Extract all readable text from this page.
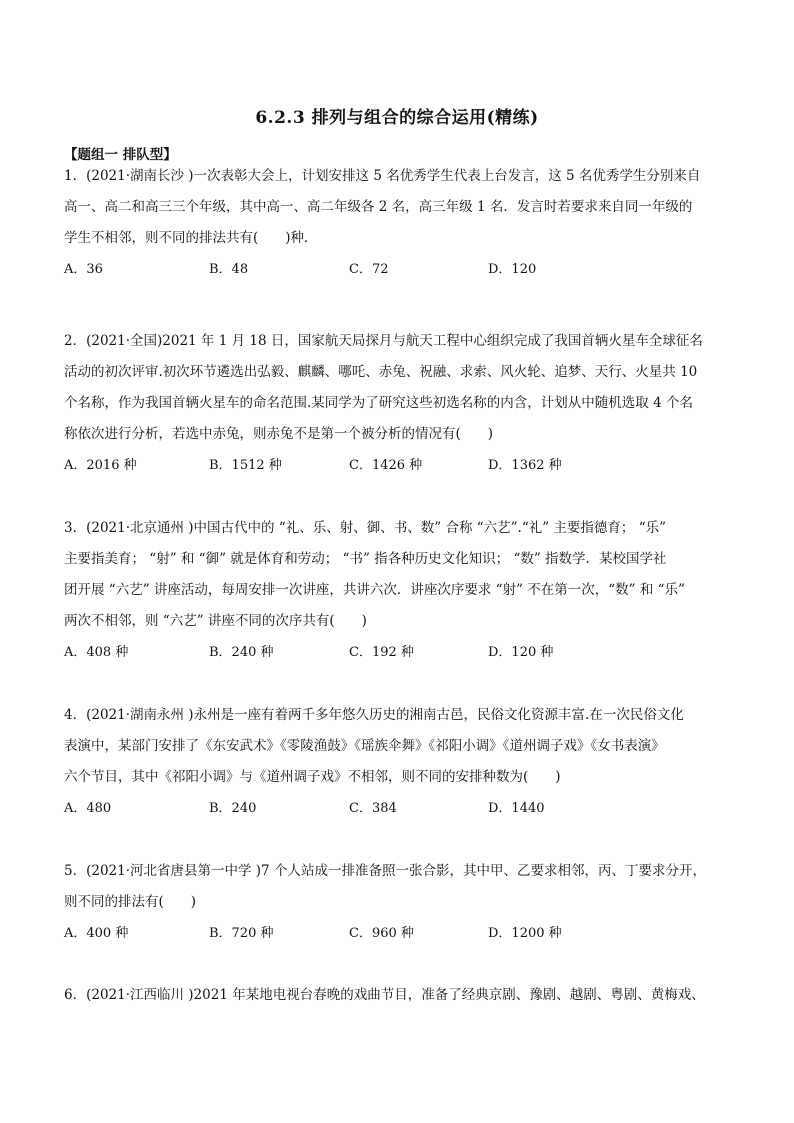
6.2.3 排列与组合的综合运用(精练)
【题组一 排队型】
1．(2021·湖南长沙 )一次表彰大会上，计划安排这 5 名优秀学生代表上台发言，这 5 名优秀学生分别来自
高一、高二和高三三个年级，其中高一、高二年级各 2 名，高三年级 1 名．发言时若要求来自同一年级的
学生不相邻，则不同的排法共有(　　)种．
A．36	B．48	C．72	D．120
2．(2021·全国)2021 年 1 月 18 日，国家航天局探月与航天工程中心组织完成了我国首辆火星车全球征名
活动的初次评审.初次环节遴选出弘毅、麒麟、哪吒、赤兔、祝融、求索、风火轮、追梦、天行、火星共 10
个名称，作为我国首辆火星车的命名范围.某同学为了研究这些初选名称的内含，计划从中随机选取 4 个名
称依次进行分析，若选中赤兔，则赤兔不是第一个被分析的情况有(　　)
A．2016 种	B．1512 种	C．1426 种	D．1362 种
3．(2021·北京通州 )中国古代中的 “礼、乐、射、御、书、数” 合称 “六艺”.“礼” 主要指德育； “乐”
主要指美育； “射” 和 “御” 就是体育和劳动； “书” 指各种历史文化知识； “数” 指数学．某校国学社
团开展 “六艺” 讲座活动，每周安排一次讲座，共讲六次．讲座次序要求 “射” 不在第一次，“数” 和 “乐”
两次不相邻，则 “六艺” 讲座不同的次序共有(　　)
A．408 种	B．240 种	C．192 种	D．120 种
4．(2021·湖南永州 )永州是一座有着两千多年悠久历史的湘南古邑，民俗文化资源丰富.在一次民俗文化
表演中，某部门安排了《东安武术》《零陵渔鼓》《瑶族伞舞》《祁阳小调》《道州调子戏》《女书表演》
六个节目，其中《祁阳小调》与《道州调子戏》不相邻，则不同的安排种数为(　　)
A．480	B．240	C．384	D．1440
5．(2021·河北省唐县第一中学 )7 个人站成一排准备照一张合影，其中甲、乙要求相邻，丙、丁要求分开，
则不同的排法有(　　)
A．400 种	B．720 种	C．960 种	D．1200 种
6．(2021·江西临川 )2021 年某地电视台春晚的戏曲节目，准备了经典京剧、豫剧、越剧、粤剧、黄梅戏、
